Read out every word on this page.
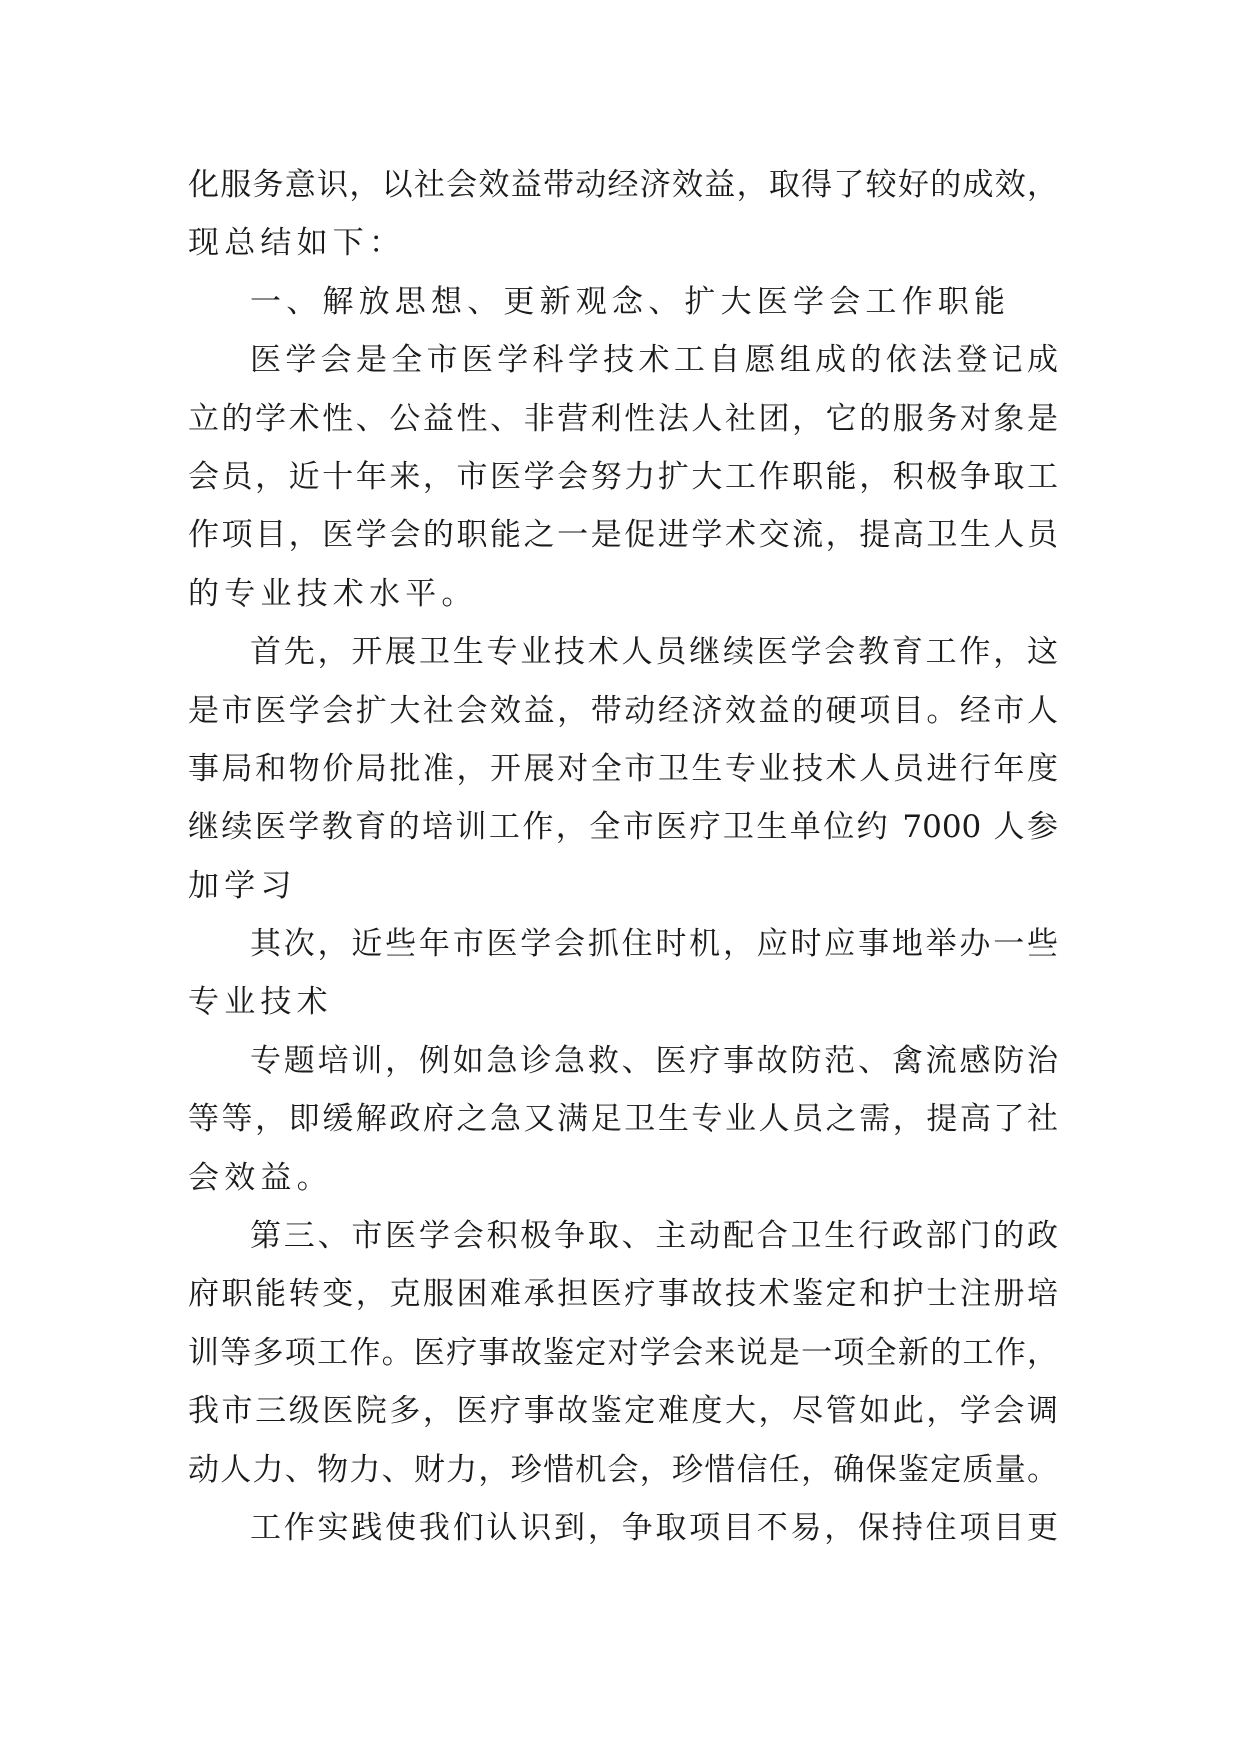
化服务意识，以社会效益带动经济效益，取得了较好的成效，
现总结如下：
一、解放思想、更新观念、扩大医学会工作职能
医学会是全市医学科学技术工自愿组成的依法登记成
立的学术性、公益性、非营利性法人社团，它的服务对象是
会员，近十年来，市医学会努力扩大工作职能，积极争取工
作项目，医学会的职能之一是促进学术交流，提高卫生人员
的专业技术水平。
首先，开展卫生专业技术人员继续医学会教育工作，这
是市医学会扩大社会效益，带动经济效益的硬项目。经市人
事局和物价局批准，开展对全市卫生专业技术人员进行年度
继续医学教育的培训工作，全市医疗卫生单位约 7000 人参
加学习
其次，近些年市医学会抓住时机，应时应事地举办一些
专业技术
专题培训，例如急诊急救、医疗事故防范、禽流感防治
等等，即缓解政府之急又满足卫生专业人员之需，提高了社
会效益。
第三、市医学会积极争取、主动配合卫生行政部门的政
府职能转变，克服困难承担医疗事故技术鉴定和护士注册培
训等多项工作。医疗事故鉴定对学会来说是一项全新的工作，
我市三级医院多，医疗事故鉴定难度大，尽管如此，学会调
动人力、物力、财力，珍惜机会，珍惜信任，确保鉴定质量。
工作实践使我们认识到，争取项目不易，保持住项目更
